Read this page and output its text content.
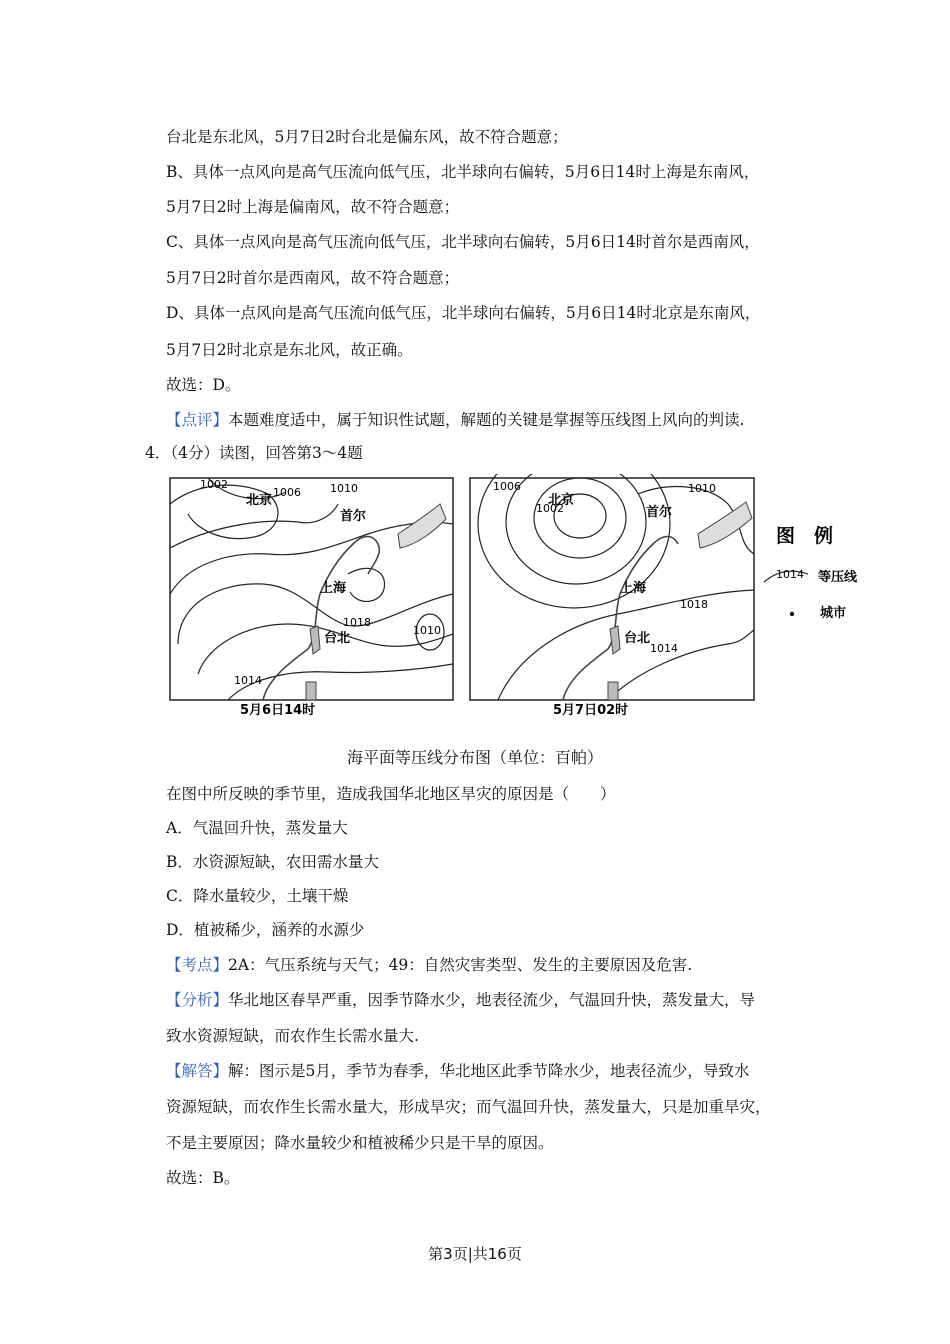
台北是东北风，5月7日2时台北是偏东风，故不符合题意；
B、具体一点风向是高气压流向低气压，北半球向右偏转，5月6日14时上海是东南风，
5月7日2时上海是偏南风，故不符合题意；
C、具体一点风向是高气压流向低气压，北半球向右偏转，5月6日14时首尔是西南风，
5月7日2时首尔是西南风，故不符合题意；
D、具体一点风向是高气压流向低气压，北半球向右偏转，5月6日14时北京是东南风，
5月7日2时北京是东北风，故正确。
故选：D。
【点评】本题难度适中，属于知识性试题，解题的关键是掌握等压线图上风向的判读.
4．（4分）读图，回答第3～4题
1002
1006	1010
1018
1010
1014
北京
首尔
上海
台北
5月6日14时
1006
1002
1010
1018
1014
北京
首尔
上海
台北
5月7日02时
图　例
1014 等压线
城市
海平面等压线分布图（单位：百帕）
在图中所反映的季节里，造成我国华北地区旱灾的原因是（　　）
A．气温回升快，蒸发量大
B．水资源短缺，农田需水量大
C．降水量较少，土壤干燥
D．植被稀少，涵养的水源少
【考点】2A：气压系统与天气；49：自然灾害类型、发生的主要原因及危害.
【分析】华北地区春旱严重，因季节降水少，地表径流少，气温回升快，蒸发量大，导
致水资源短缺，而农作生长需水量大.
【解答】解：图示是5月，季节为春季，华北地区此季节降水少，地表径流少，导致水
资源短缺，而农作生长需水量大，形成旱灾；而气温回升快，蒸发量大，只是加重旱灾，
不是主要原因；降水量较少和植被稀少只是干旱的原因。
故选：B。
第3页|共16页
